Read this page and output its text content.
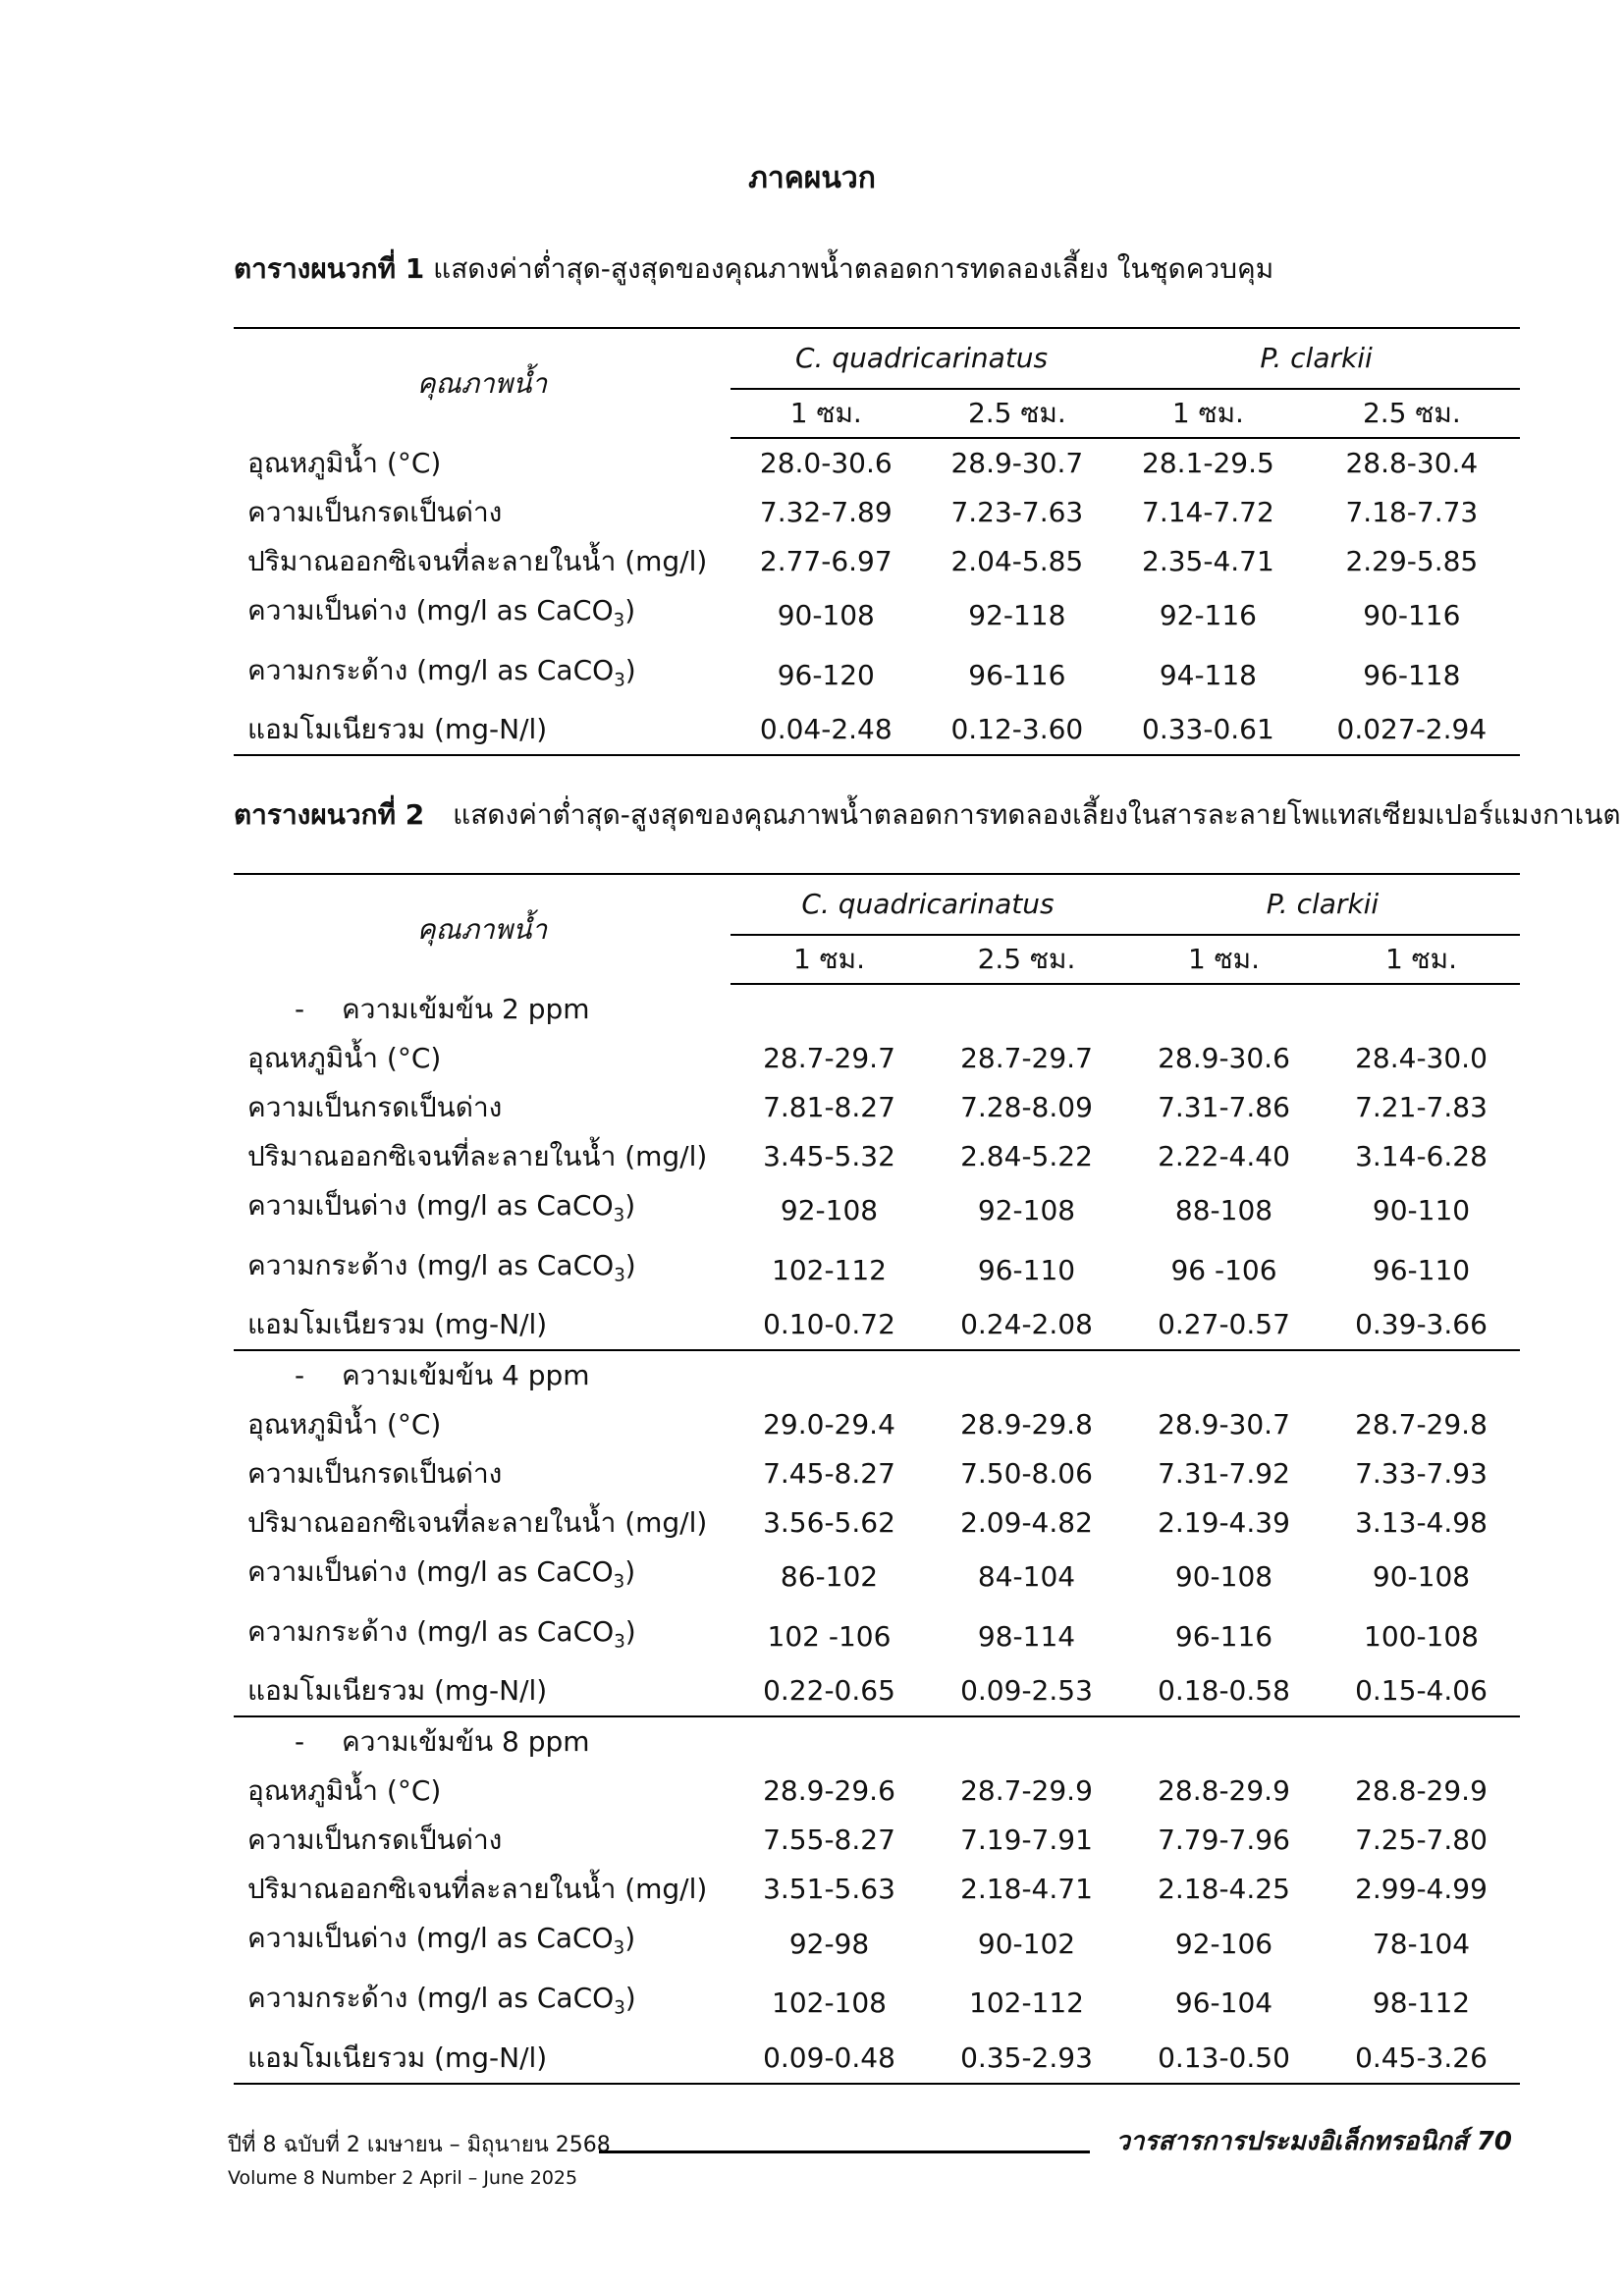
ภาคผนวก
ตารางผนวกที่ 1 แสดงค่าต่ำสุด-สูงสุดของคุณภาพน้ำตลอดการทดลองเลี้ยง ในชุดควบคุม
คุณภาพน้ำ	C. quadricarinatus		P. clarkii	
	1 ซม.	2.5 ซม.	1 ซม.	2.5 ซม.
อุณหภูมิน้ำ (°C)	28.0-30.6	28.9-30.7	28.1-29.5	28.8-30.4
ความเป็นกรดเป็นด่าง	7.32-7.89	7.23-7.63	7.14-7.72	7.18-7.73
ปริมาณออกซิเจนที่ละลายในน้ำ (mg/l)	2.77-6.97	2.04-5.85	2.35-4.71	2.29-5.85
ความเป็นด่าง (mg/l as CaCO$_3$)	90-108	92-118	92-116	90-116
ความกระด้าง (mg/l as CaCO$_3$)	96-120	96-116	94-118	96-118
แอมโมเนียรวม (mg-N/l)	0.04-2.48	0.12-3.60	0.33-0.61	0.027-2.94
ตารางผนวกที่ 2 แสดงค่าต่ำสุด-สูงสุดของคุณภาพน้ำตลอดการทดลองเลี้ยงในสารละลายโพแทสเซียมเปอร์แมงกาเนต
คุณภาพน้ำ	C. quadricarinatus		P. clarkii	
	1 ซม.	2.5 ซม.	1 ซม.	1 ซม.
- ความเข้มข้น 2 ppm				
อุณหภูมิน้ำ (°C)	28.7-29.7	28.7-29.7	28.9-30.6	28.4-30.0
ความเป็นกรดเป็นด่าง	7.81-8.27	7.28-8.09	7.31-7.86	7.21-7.83
ปริมาณออกซิเจนที่ละลายในน้ำ (mg/l)	3.45-5.32	2.84-5.22	2.22-4.40	3.14-6.28
ความเป็นด่าง (mg/l as CaCO$_3$)	92-108	92-108	88-108	90-110
ความกระด้าง (mg/l as CaCO$_3$)	102-112	96-110	96 -106	96-110
แอมโมเนียรวม (mg-N/l)	0.10-0.72	0.24-2.08	0.27-0.57	0.39-3.66
- ความเข้มข้น 4 ppm				
อุณหภูมิน้ำ (°C)	29.0-29.4	28.9-29.8	28.9-30.7	28.7-29.8
ความเป็นกรดเป็นด่าง	7.45-8.27	7.50-8.06	7.31-7.92	7.33-7.93
ปริมาณออกซิเจนที่ละลายในน้ำ (mg/l)	3.56-5.62	2.09-4.82	2.19-4.39	3.13-4.98
ความเป็นด่าง (mg/l as CaCO$_3$)	86-102	84-104	90-108	90-108
ความกระด้าง (mg/l as CaCO$_3$)	102 -106	98-114	96-116	100-108
แอมโมเนียรวม (mg-N/l)	0.22-0.65	0.09-2.53	0.18-0.58	0.15-4.06
- ความเข้มข้น 8 ppm				
อุณหภูมิน้ำ (°C)	28.9-29.6	28.7-29.9	28.8-29.9	28.8-29.9
ความเป็นกรดเป็นด่าง	7.55-8.27	7.19-7.91	7.79-7.96	7.25-7.80
ปริมาณออกซิเจนที่ละลายในน้ำ (mg/l)	3.51-5.63	2.18-4.71	2.18-4.25	2.99-4.99
ความเป็นด่าง (mg/l as CaCO$_3$)	92-98	90-102	92-106	78-104
ความกระด้าง (mg/l as CaCO$_3$)	102-108	102-112	96-104	98-112
แอมโมเนียรวม (mg-N/l)	0.09-0.48	0.35-2.93	0.13-0.50	0.45-3.26
ปีที่ 8 ฉบับที่ 2 เมษายน – มิถุนายน 2568
Volume 8 Number 2 April – June 2025
วารสารการประมงอิเล็กทรอนิกส์ 70
